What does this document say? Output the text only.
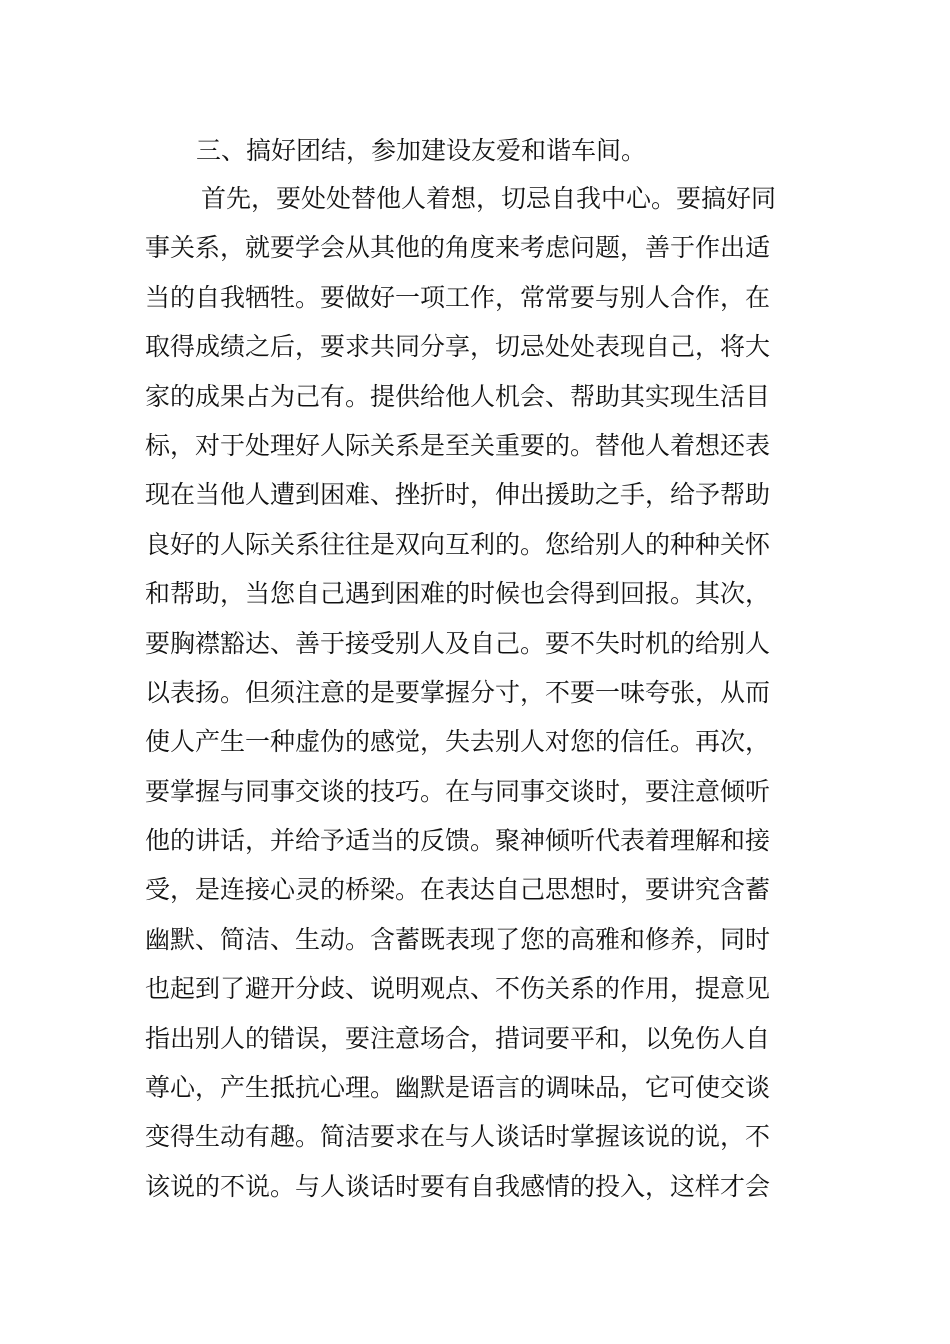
三、搞好团结，参加建设友爱和谐车间。
首先，要处处替他人着想，切忌自我中心。要搞好同
事关系，就要学会从其他的角度来考虑问题，善于作出适
当的自我牺牲。要做好一项工作，常常要与别人合作，在
取得成绩之后，要求共同分享，切忌处处表现自己，将大
家的成果占为己有。提供给他人机会、帮助其实现生活目
标，对于处理好人际关系是至关重要的。替他人着想还表
现在当他人遭到困难、挫折时，伸出援助之手，给予帮助
良好的人际关系往往是双向互利的。您给别人的种种关怀
和帮助，当您自己遇到困难的时候也会得到回报。其次，
要胸襟豁达、善于接受别人及自己。要不失时机的给别人
以表扬。但须注意的是要掌握分寸，不要一味夸张，从而
使人产生一种虚伪的感觉，失去别人对您的信任。再次，
要掌握与同事交谈的技巧。在与同事交谈时，要注意倾听
他的讲话，并给予适当的反馈。聚神倾听代表着理解和接
受，是连接心灵的桥梁。在表达自己思想时，要讲究含蓄
幽默、简洁、生动。含蓄既表现了您的高雅和修养，同时
也起到了避开分歧、说明观点、不伤关系的作用，提意见
指出别人的错误，要注意场合，措词要平和，以免伤人自
尊心，产生抵抗心理。幽默是语言的调味品，它可使交谈
变得生动有趣。简洁要求在与人谈话时掌握该说的说，不
该说的不说。与人谈话时要有自我感情的投入，这样才会
